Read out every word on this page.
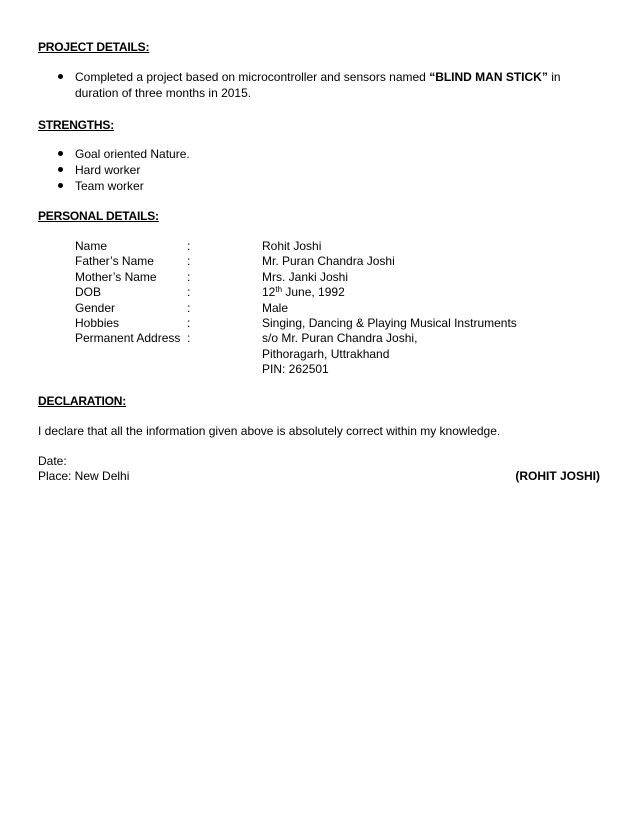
PROJECT DETAILS:
Completed a project based on microcontroller and sensors named “BLIND MAN STICK” in duration of three months in 2015.
STRENGTHS:
Goal oriented Nature.
Hard worker
Team worker
PERSONAL DETAILS:
Name	:	Rohit Joshi
Father’s Name	:	Mr. Puran Chandra Joshi
Mother’s Name	:	Mrs. Janki Joshi
DOB	:	12th June, 1992
Gender	:	Male
Hobbies	:	Singing, Dancing & Playing Musical Instruments
Permanent Address :	s/o Mr. Puran Chandra Joshi,
Pithoragarh, Uttrakhand
PIN: 262501
DECLARATION:
I declare that all the information given above is absolutely correct within my knowledge.
Date:
Place: New Delhi	(ROHIT JOSHI)
